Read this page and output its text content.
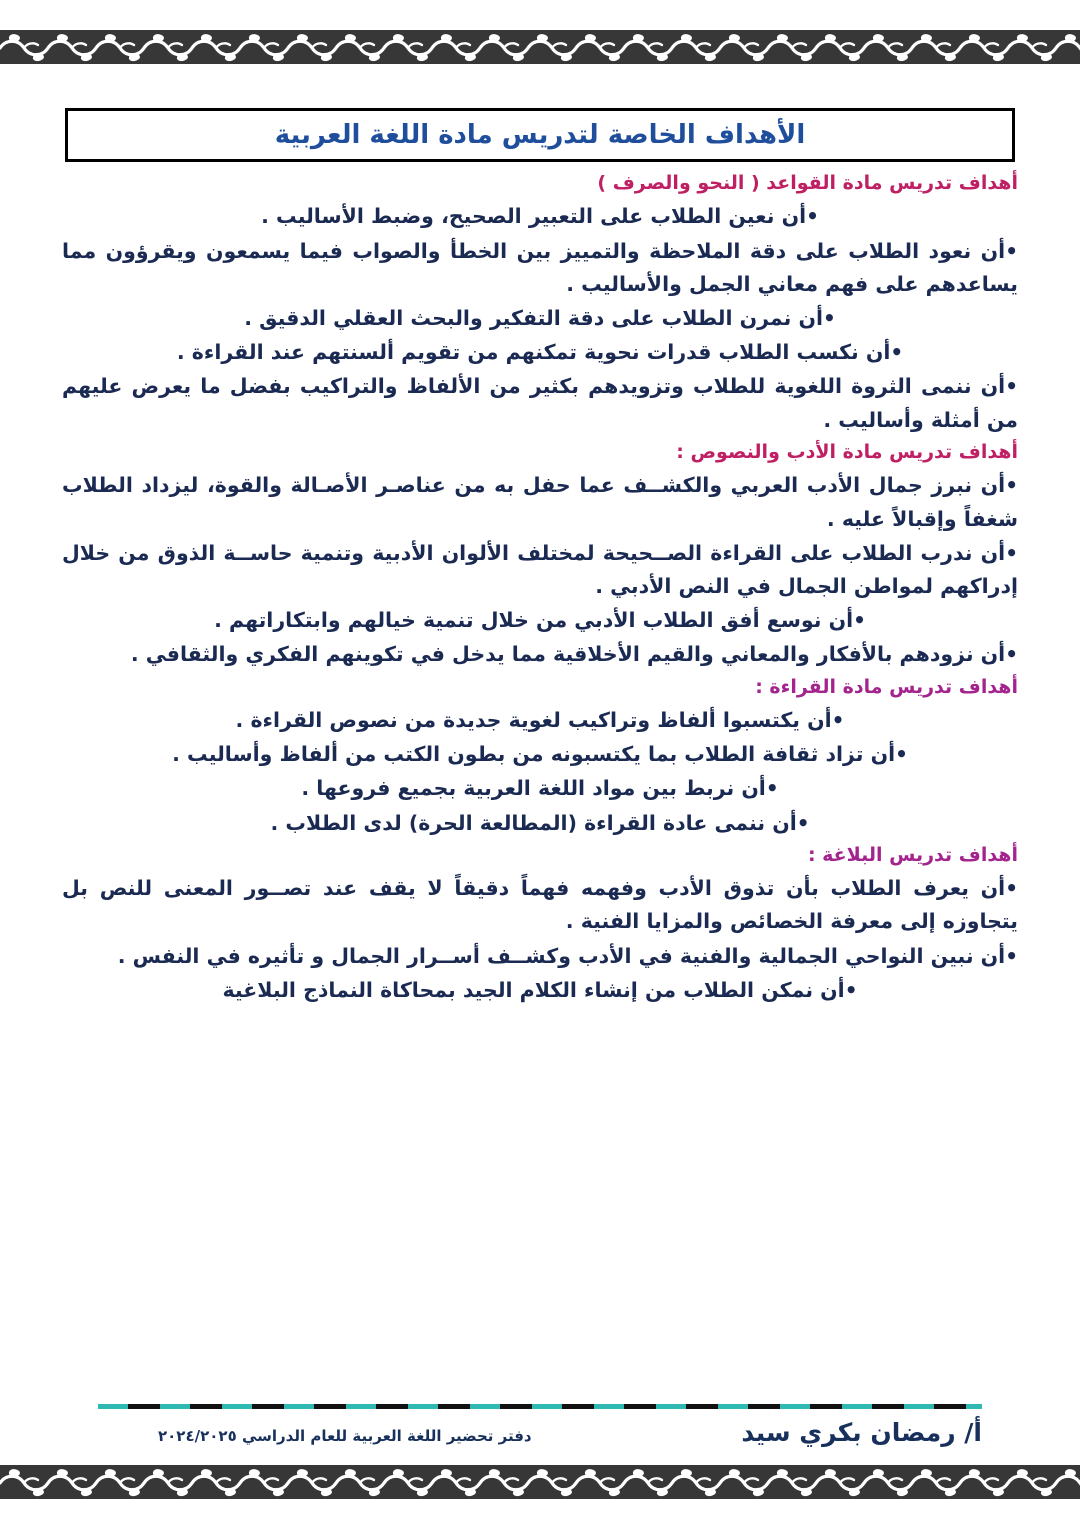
الأهداف الخاصة لتدريس مادة اللغة العربية
أهداف تدريس مادة القواعد ( النحو والصرف )
•أن نعين الطلاب على التعبير الصحيح، وضبط الأساليب .
•أن نعود الطلاب على دقة الملاحظة والتمييز بين الخطأ والصواب فيما يسمعون ويقرؤون مما يساعدهم على فهم معاني الجمل والأساليب .
•أن نمرن الطلاب على دقة التفكير والبحث العقلي الدقيق .
•أن نكسب الطلاب قدرات نحوية تمكنهم من تقويم ألسنتهم عند القراءة .
•أن ننمى الثروة اللغوية للطلاب وتزويدهم بكثير من الألفاظ والتراكيب بفضل ما يعرض عليهم من أمثلة وأساليب .
أهداف تدريس مادة الأدب والنصوص :
•أن نبرز جمال الأدب العربي والكشــف عما حفل به من عناصـر الأصـالة والقوة، ليزداد الطلاب شغفاً وإقبالاً عليه .
•أن ندرب الطلاب على القراءة الصــحيحة لمختلف الألوان الأدبية وتنمية حاســة الذوق من خلال إدراكهم لمواطن الجمال في النص الأدبي .
•أن نوسع أفق الطلاب الأدبي من خلال تنمية خيالهم وابتكاراتهم .
•أن نزودهم بالأفكار والمعاني والقيم الأخلاقية مما يدخل في تكوينهم الفكري والثقافي .
أهداف تدريس مادة القراءة :
•أن يكتسبوا ألفاظ وتراكيب لغوية جديدة من نصوص القراءة .
•أن تزاد ثقافة الطلاب بما يكتسبونه من بطون الكتب من ألفاظ وأساليب .
•أن نربط بين مواد اللغة العربية بجميع فروعها .
•أن ننمى عادة القراءة (المطالعة الحرة) لدى الطلاب .
أهداف تدريس البلاغة :
•أن يعرف الطلاب بأن تذوق الأدب وفهمه فهماً دقيقاً لا يقف عند تصــور المعنى للنص بل يتجاوزه إلى معرفة الخصائص والمزايا الفنية .
•أن نبين النواحي الجمالية والفنية في الأدب وكشــف أســرار الجمال و تأثيره في النفس .
•أن نمكن الطلاب من إنشاء الكلام الجيد بمحاكاة النماذج البلاغية
أ/ رمضان بكري سيد
دفتر تحضير اللغة العربية للعام الدراسي ٢٠٢٤/٢٠٢٥
